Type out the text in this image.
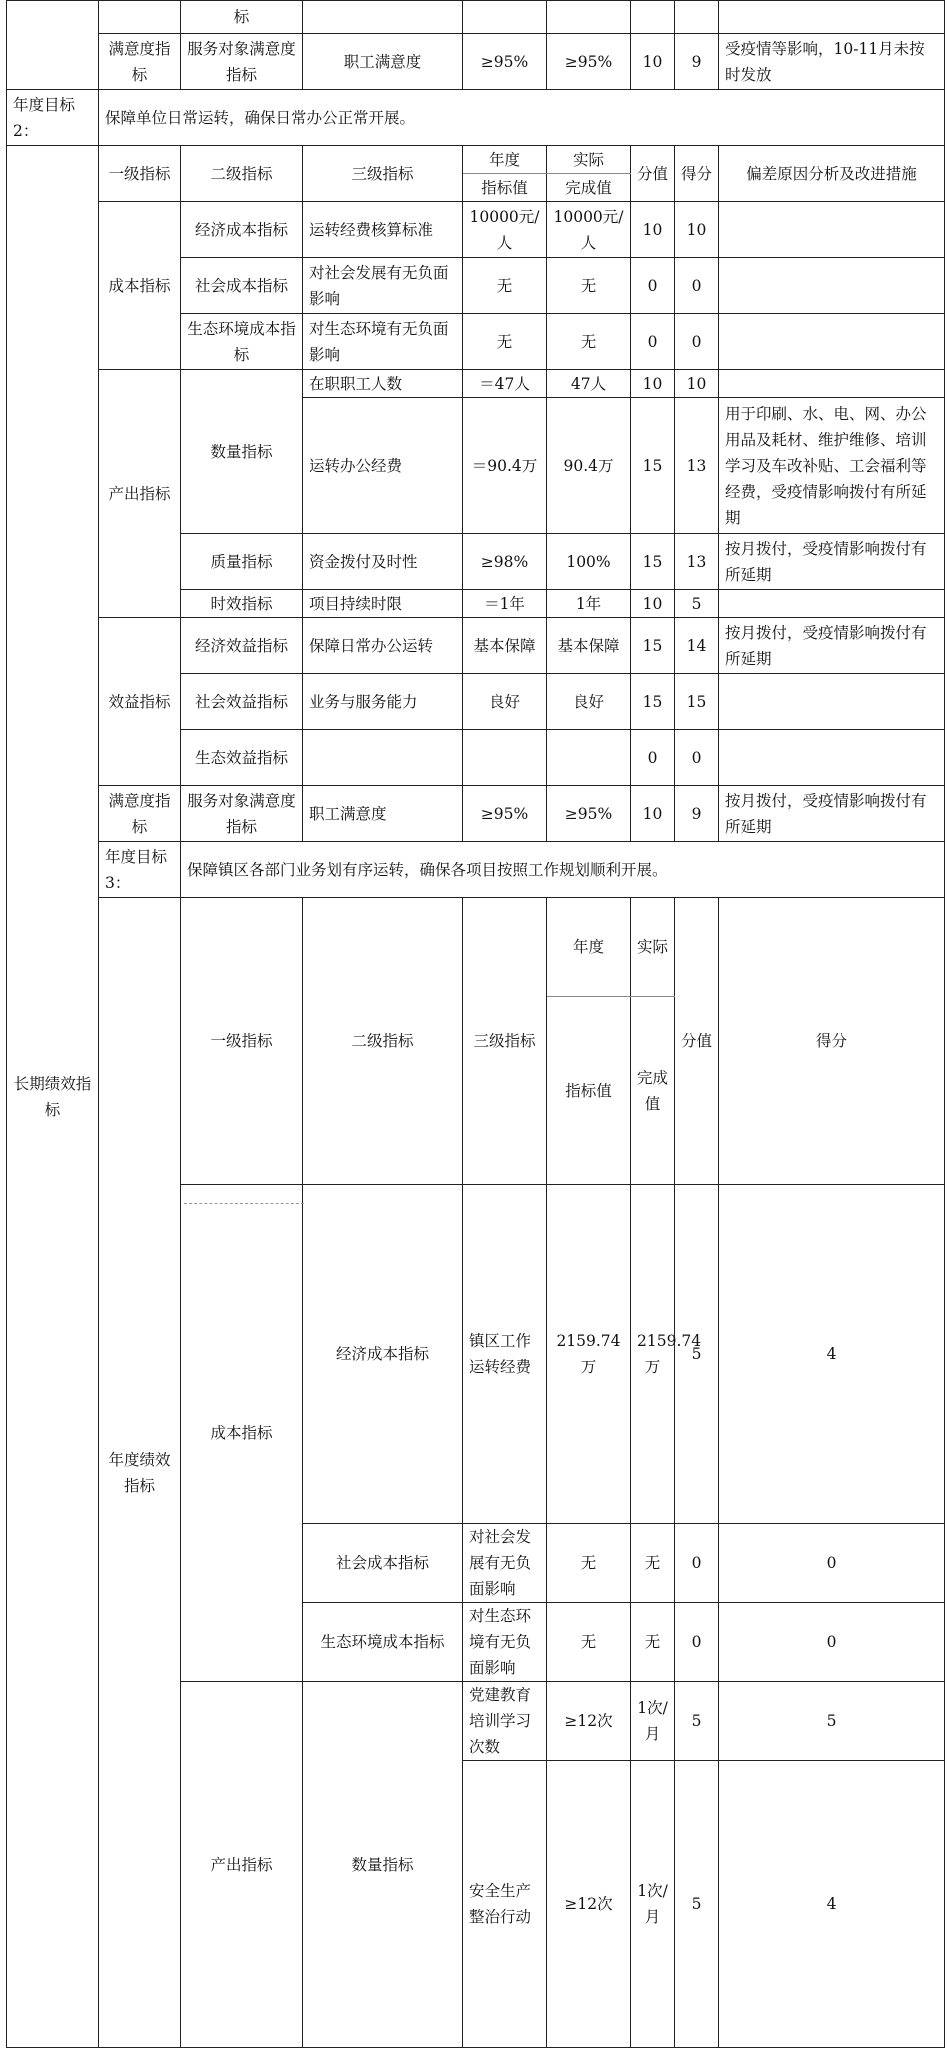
		标							
	满意度指标	服务对象满意度指标	职工满意度	≥95%	≥95%	10	9	受疫情等影响，10-11月未按时发放	
年度目标2：	保障单位日常运转，确保日常办公正常开展。								
长期绩效指标	一级指标	二级指标	三级指标	年度	实际	分值	得分	偏差原因分析及改进措施	
				指标值	完成值				
	成本指标	经济成本指标	运转经费核算标准	10000元/人	10000元/人	10	10		
		社会成本指标	对社会发展有无负面影响	无	无	0	0		
		生态环境成本指标	对生态环境有无负面影响	无	无	0	0		
	产出指标	数量指标	在职职工人数	＝47人	47人	10	10		
			运转办公经费	＝90.4万	90.4万	15	13	用于印刷、水、电、网、办公用品及耗材、维护维修、培训学习及车改补贴、工会福利等经费，受疫情影响拨付有所延期	
		质量指标	资金拨付及时性	≥98%	100%	15	13	按月拨付，受疫情影响拨付有所延期	
		时效指标	项目持续时限	＝1年	1年	10	5		
	效益指标	经济效益指标	保障日常办公运转	基本保障	基本保障	15	14	按月拨付，受疫情影响拨付有所延期	
		社会效益指标	业务与服务能力	良好	良好	15	15		
		生态效益指标				0	0		
	满意度指标	服务对象满意度指标	职工满意度	≥95%	≥95%	10	9	按月拨付，受疫情影响拨付有所延期	
	年度目标3：	保障镇区各部门业务划有序运转，确保各项目按照工作规划顺利开展。							
	年度绩效指标	一级指标	二级指标	三级指标	年度	实际	分值	得分	
					指标值	完成值			
		成本指标	经济成本指标	镇区工作运转经费	2159.74万	2159.74万	5	4	
			社会成本指标	对社会发展有无负面影响	无	无	0	0	
			生态环境成本指标	对生态环境有无负面影响	无	无	0	0	
		产出指标	数量指标	党建教育培训学习次数	≥12次	1次/月	5	5	
				安全生产整治行动	≥12次	1次/月	5	4	
